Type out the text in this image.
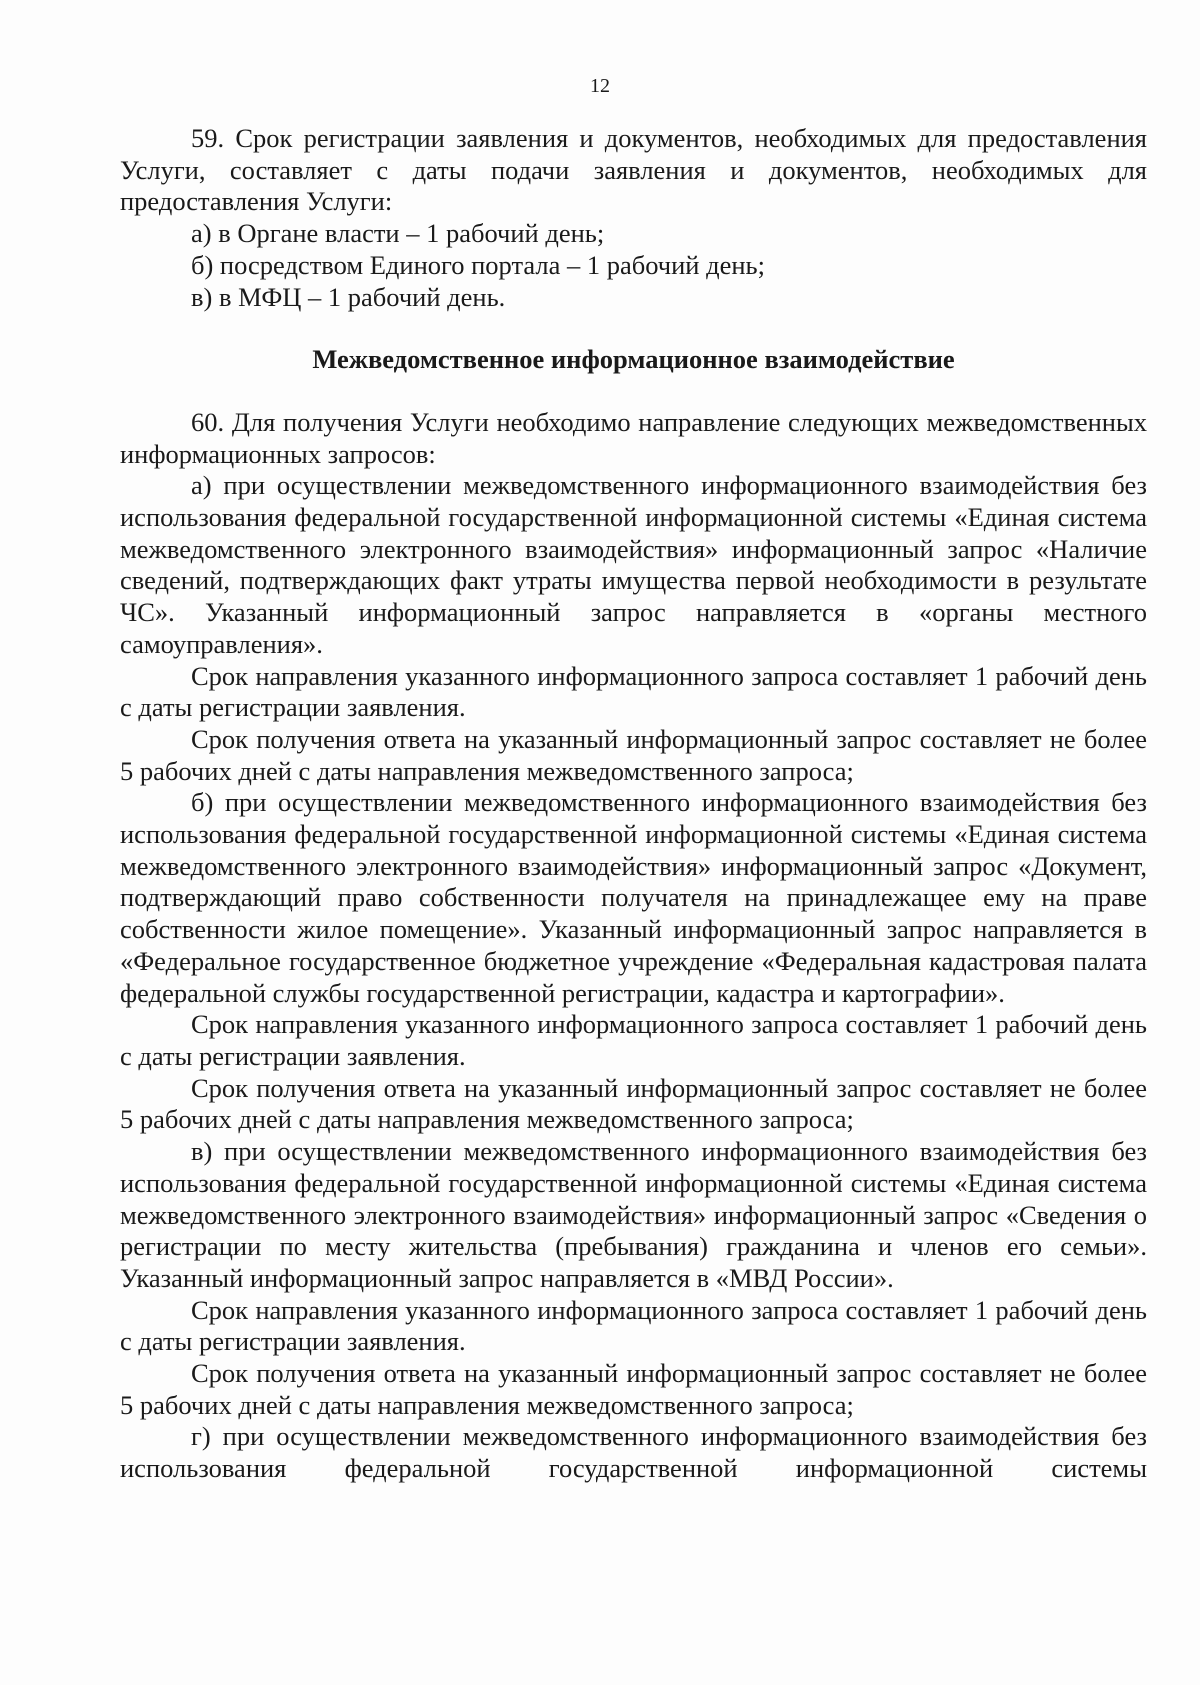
12

59. Срок регистрации заявления и документов, необходимых для предоставления Услуги, составляет с даты подачи заявления и документов, необходимых для предоставления Услуги:

а) в Органе власти – 1 рабочий день;

б) посредством Единого портала – 1 рабочий день;

в) в МФЦ – 1 рабочий день.

Межведомственное информационное взаимодействие

60. Для получения Услуги необходимо направление следующих межведомственных информационных запросов:

а) при осуществлении межведомственного информационного взаимодействия без использования федеральной государственной информационной системы «Единая система межведомственного электронного взаимодействия» информационный запрос «Наличие сведений, подтверждающих факт утраты имущества первой необходимости в результате ЧС». Указанный информационный запрос направляется в «органы местного самоуправления».

Срок направления указанного информационного запроса составляет 1 рабочий день с даты регистрации заявления.

Срок получения ответа на указанный информационный запрос составляет не более 5 рабочих дней с даты направления межведомственного запроса;

б) при осуществлении межведомственного информационного взаимодействия без использования федеральной государственной информационной системы «Единая система межведомственного электронного взаимодействия» информационный запрос «Документ, подтверждающий право собственности получателя на принадлежащее ему на праве собственности жилое помещение». Указанный информационный запрос направляется в «Федеральное государственное бюджетное учреждение «Федеральная кадастровая палата федеральной службы государственной регистрации, кадастра и картографии».

Срок направления указанного информационного запроса составляет 1 рабочий день с даты регистрации заявления.

Срок получения ответа на указанный информационный запрос составляет не более 5 рабочих дней с даты направления межведомственного запроса;

в) при осуществлении межведомственного информационного взаимодействия без использования федеральной государственной информационной системы «Единая система межведомственного электронного взаимодействия» информационный запрос «Сведения о регистрации по месту жительства (пребывания) гражданина и членов его семьи». Указанный информационный запрос направляется в «МВД России».

Срок направления указанного информационного запроса составляет 1 рабочий день с даты регистрации заявления.

Срок получения ответа на указанный информационный запрос составляет не более 5 рабочих дней с даты направления межведомственного запроса;

г) при осуществлении межведомственного информационного взаимодействия без использования федеральной государственной информационной системы
